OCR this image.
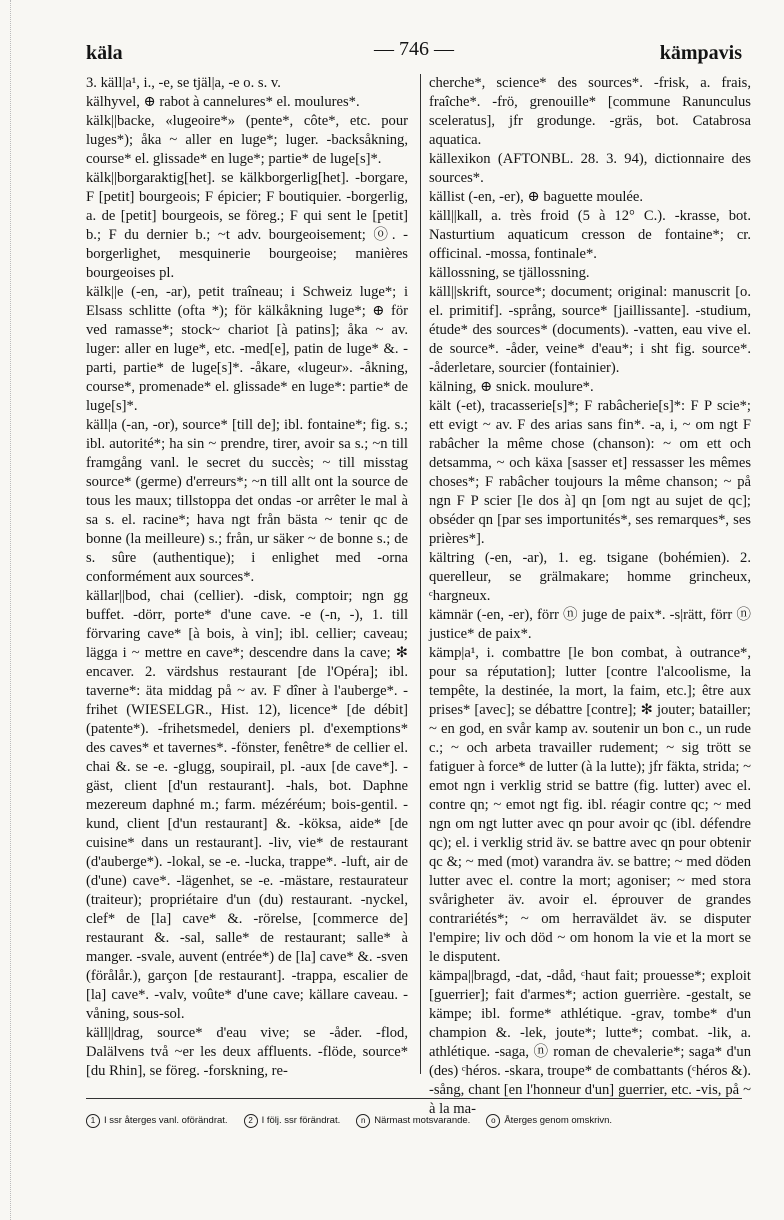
käla	— 746 —	kämpavis

3. käll|a¹, i., -e, se tjäl|a, -e o. s. v.

kälhyvel, ⊕ rabot à cannelures* el. moulures*.

kälk||backe, «lugeoire*» (pente*, côte*, etc. pour luges*); åka ~ aller en luge*; luger. -backsåkning, course* el. glissade* en luge*; partie* de luge[s]*.

kälk||borgaraktig[het]. se kälkborgerlig[het]. -borgare, F [petit] bourgeois; F épicier; F boutiquier. -borgerlig, a. de [petit] bourgeois, se föreg.; F qui sent le [petit] b.; F du dernier b.; ~t adv. bourgeoisement; ⓞ. -borgerlighet, mesquinerie bourgeoise; manières bourgeoises pl.

kälk||e (-en, -ar), petit traîneau; i Schweiz luge*; i Elsass schlitte (ofta *); för kälkåkning luge*; ⊕ för ved ramasse*; stock~ chariot [à patins]; åka ~ av. luger: aller en luge*, etc. -med[e], patin de luge* &. -parti, partie* de luge[s]*. -åkare, «lugeur». -åkning, course*, promenade* el. glissade* en luge*: partie* de luge[s]*.

käll|a (-an, -or), source* [till de]; ibl. fontaine*; fig. s.; ibl. autorité*; ha sin ~ prendre, tirer, avoir sa s.; ~n till framgång vanl. le secret du succès; ~ till misstag source* (germe) d'erreurs*; ~n till allt ont la source de tous les maux; tillstoppa det ondas -or arrêter le mal à sa s. el. racine*; hava ngt från bästa ~ tenir qc de bonne (la meilleure) s.; från, ur säker ~ de bonne s.; de s. sûre (authentique); i enlighet med -orna conformément aux sources*.

källar||bod, chai (cellier). -disk, comptoir; ngn gg buffet. -dörr, porte* d'une cave. -e (-n, -), 1. till förvaring cave* [à bois, à vin]; ibl. cellier; caveau; lägga i ~ mettre en cave*; descendre dans la cave; ✻ encaver. 2. värdshus restaurant [de l'Opéra]; ibl. taverne*: äta middag på ~ av. F dîner à l'auberge*. -frihet (WIESELGR., Hist. 12), licence* [de débit] (patente*). -frihetsmedel, deniers pl. d'exemptions* des caves* et tavernes*. -fönster, fenêtre* de cellier el. chai &. se -e. -glugg, soupirail, pl. -aux [de cave*]. -gäst, client [d'un restaurant]. -hals, bot. Daphne mezereum daphné m.; farm. mézéréum; bois-gentil. -kund, client [d'un restaurant] &. -köksa, aide* [de cuisine* dans un restaurant]. -liv, vie* de restaurant (d'auberge*). -lokal, se -e. -lucka, trappe*. -luft, air de (d'une) cave*. -lägenhet, se -e. -mästare, restaurateur (traiteur); propriétaire d'un (du) restaurant. -nyckel, clef* de [la] cave* &. -rörelse, [commerce de] restaurant &. -sal, salle* de restaurant; salle* à manger. -svale, auvent (entrée*) de [la] cave* &. -sven (förålår.), garçon [de restaurant]. -trappa, escalier de [la] cave*. -valv, voûte* d'une cave; källare caveau. -våning, sous-sol.

käll||drag, source* d'eau vive; se -åder. -flod, Dalälvens två ~er les deux affluents. -flöde, source* [du Rhin], se föreg. -forskning, re-

cherche*, science* des sources*. -frisk, a. frais, fraîche*. -frö, grenouille* [commune Ranunculus sceleratus], jfr grodunge. -gräs, bot. Catabrosa aquatica.

källexikon (AFTONBL. 28. 3. 94), dictionnaire des sources*.

källist (-en, -er), ⊕ baguette moulée.

käll||kall, a. très froid (5 à 12° C.). -krasse, bot. Nasturtium aquaticum cresson de fontaine*; cr. officinal. -mossa, fontinale*.

källossning, se tjällossning.

käll||skrift, source*; document; original: manuscrit [o. el. primitif]. -språng, source* [jaillissante]. -studium, étude* des sources* (documents). -vatten, eau vive el. de source*. -åder, veine* d'eau*; i sht fig. source*. -åderletare, sourcier (fontainier).

kälning, ⊕ snick. moulure*.

kält (-et), tracasserie[s]*; F rabâcherie[s]*: F P scie*; ett evigt ~ av. F des arias sans fin*. -a, i, ~ om ngt F rabâcher la même chose (chanson): ~ om ett och detsamma, ~ och käxa [sasser et] ressasser les mêmes choses*; F rabâcher toujours la même chanson; ~ på ngn F P scier [le dos à] qn [om ngt au sujet de qc]; obséder qn [par ses importunités*, ses remarques*, ses prières*].

kältring (-en, -ar), 1. eg. tsigane (bohémien). 2. querelleur, se grälmakare; homme grincheux, ᶜhargneux.

kämnär (-en, -er), förr ⓝ juge de paix*. -s|rätt, förr ⓝ justice* de paix*.

kämp|a¹, i. combattre [le bon combat, à outrance*, pour sa réputation]; lutter [contre l'alcoolisme, la tempête, la destinée, la mort, la faim, etc.]; être aux prises* [avec]; se débattre [contre]; ✻ jouter; batailler; ~ en god, en svår kamp av. soutenir un bon c., un rude c.; ~ och arbeta travailler rudement; ~ sig trött se fatiguer à force* de lutter (à la lutte); jfr fäkta, strida; ~ emot ngn i verklig strid se battre (fig. lutter) avec el. contre qn; ~ emot ngt fig. ibl. réagir contre qc; ~ med ngn om ngt lutter avec qn pour avoir qc (ibl. défendre qc); el. i verklig strid äv. se battre avec qn pour obtenir qc &; ~ med (mot) varandra äv. se battre; ~ med döden lutter avec el. contre la mort; agoniser; ~ med stora svårigheter äv. avoir el. éprouver de grandes contrariétés*; ~ om herraväldet äv. se disputer l'empire; liv och död ~ om honom la vie et la mort se le disputent.

kämpa||bragd, -dat, -dåd, ᶜhaut fait; prouesse*; exploit [guerrier]; fait d'armes*; action guerrière. -gestalt, se kämpe; ibl. forme* athlétique. -grav, tombe* d'un champion &. -lek, joute*; lutte*; combat. -lik, a. athlétique. -saga, ⓝ roman de chevalerie*; saga* d'un (des) ᶜhéros. -skara, troupe* de combattants (ᶜhéros &). -sång, chant [en l'honneur d'un] guerrier, etc. -vis, på ~ à la ma-

1 I ssr återges vanl. oförändrat.	2 I följ. ssr förändrat.	n Närmast motsvarande.	o Återges genom omskrivn.
